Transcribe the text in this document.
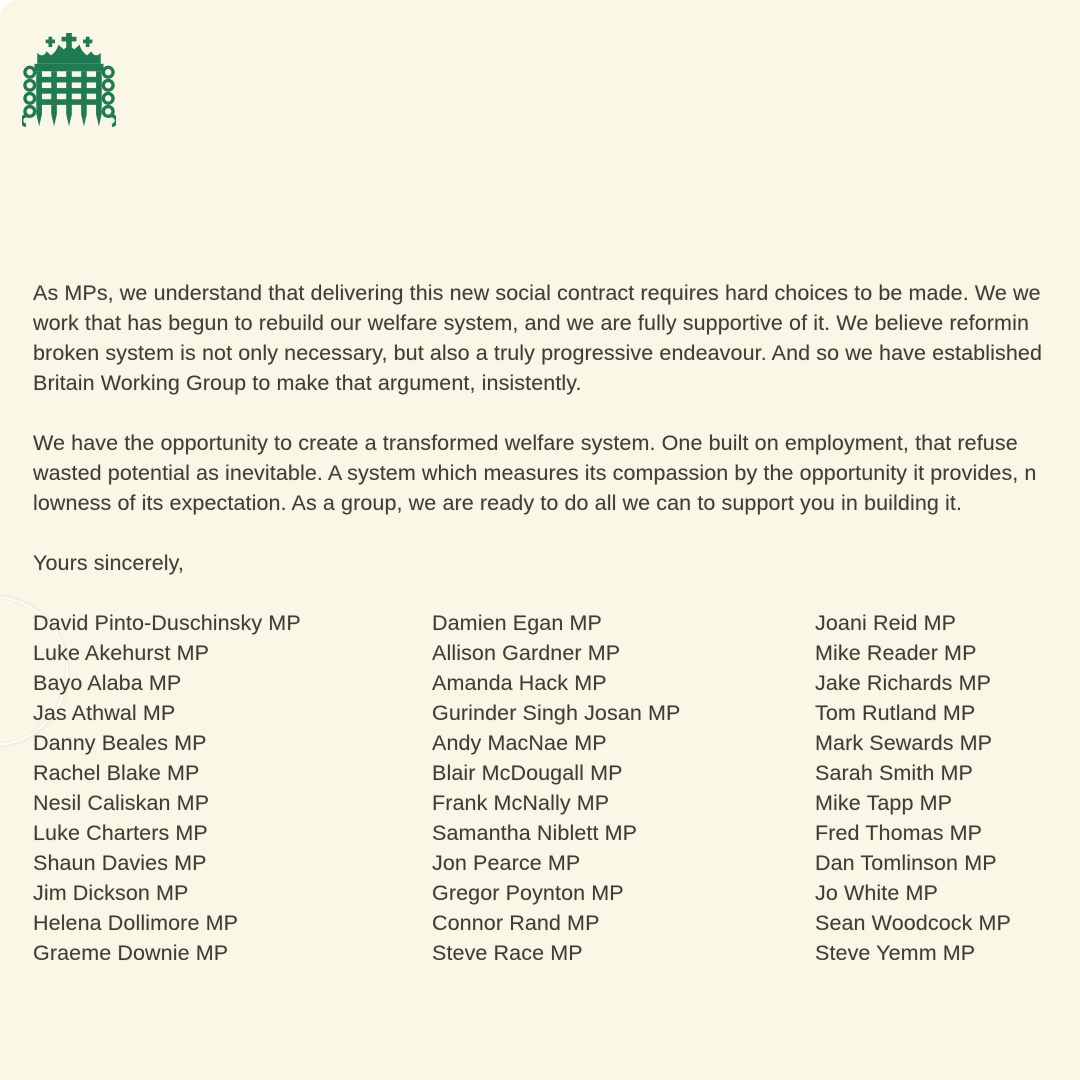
As MPs, we understand that delivering this new social contract requires hard choices to be made. We we
work that has begun to rebuild our welfare system, and we are fully supportive of it. We believe reformin
broken system is not only necessary, but also a truly progressive endeavour. And so we have established
Britain Working Group to make that argument, insistently.
We have the opportunity to create a transformed welfare system. One built on employment, that refuse
wasted potential as inevitable. A system which measures its compassion by the opportunity it provides, n
lowness of its expectation. As a group, we are ready to do all we can to support you in building it.
Yours sincerely,
David Pinto-Duschinsky MP
Luke Akehurst MP
Bayo Alaba MP
Jas Athwal MP
Danny Beales MP
Rachel Blake MP
Nesil Caliskan MP
Luke Charters MP
Shaun Davies MP
Jim Dickson MP
Helena Dollimore MP
Graeme Downie MP
Damien Egan MP
Allison Gardner MP
Amanda Hack MP
Gurinder Singh Josan MP
Andy MacNae MP
Blair McDougall MP
Frank McNally MP
Samantha Niblett MP
Jon Pearce MP
Gregor Poynton MP
Connor Rand MP
Steve Race MP
Joani Reid MP
Mike Reader MP
Jake Richards MP
Tom Rutland MP
Mark Sewards MP
Sarah Smith MP
Mike Tapp MP
Fred Thomas MP
Dan Tomlinson MP
Jo White MP
Sean Woodcock MP
Steve Yemm MP
